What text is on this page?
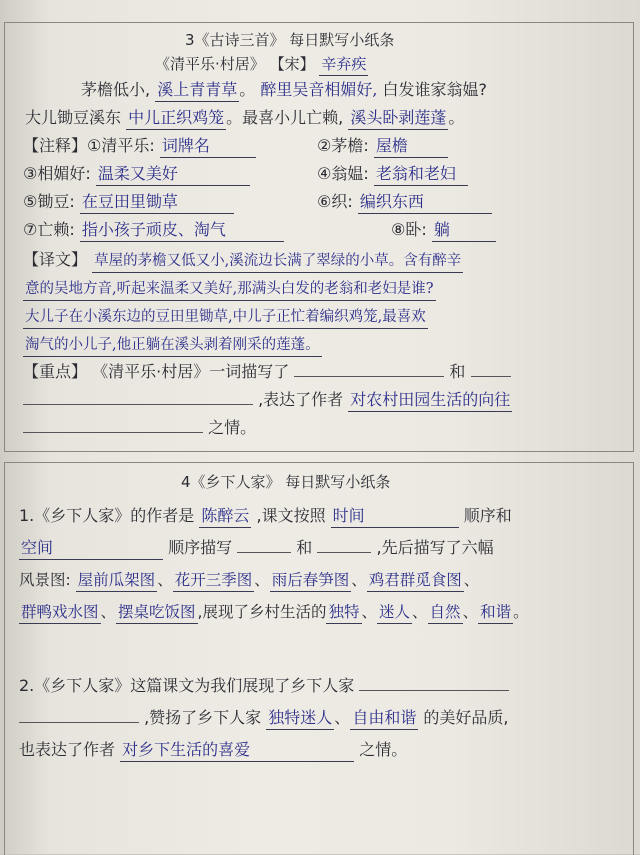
3《古诗三首》 每日默写小纸条
《清平乐·村居》 【宋】 辛弃疾
茅檐低小, 溪上青青草 。 醉里吴音相媚好, 白发谁家翁媪?
大儿锄豆溪东 中儿正织鸡笼 。最喜小儿亡赖, 溪头卧剥莲蓬 。
【注释】①清平乐: 词牌名	②茅檐: 屋檐
③相媚好: 温柔又美好	④翁媪: 老翁和老妇
⑤锄豆: 在豆田里锄草	⑥织: 编织东西
⑦亡赖: 指小孩子顽皮、淘气	⑧卧: 躺
【译文】 草屋的茅檐又低又小,溪流边长满了翠绿的小草。含有醉辛
意的吴地方音,听起来温柔又美好,那满头白发的老翁和老妇是谁?
大儿子在小溪东边的豆田里锄草,中儿子正忙着编织鸡笼,最喜欢
淘气的小儿子,他正躺在溪头剥着刚采的莲蓬。
【重点】 《清平乐·村居》一词描写了	和
,表达了作者 对农村田园生活的向往
之情。
4《乡下人家》 每日默写小纸条
1.《乡下人家》的作者是 陈醉云 ,课文按照 时间	顺序和
空间	顺序描写	和	,先后描写了六幅
风景图: 屋前瓜架图 、 花开三季图 、 雨后春笋图 、 鸡君群觅食图 、
群鸭戏水图 、 摆桌吃饭图 ,展现了乡村生活的 独特 、 迷人 、 自然 、 和谐 。
2.《乡下人家》这篇课文为我们展现了乡下人家
,赞扬了乡下人家 独特迷人 、 自由和谐 的美好品质,
也表达了作者 对乡下生活的喜爱	之情。
